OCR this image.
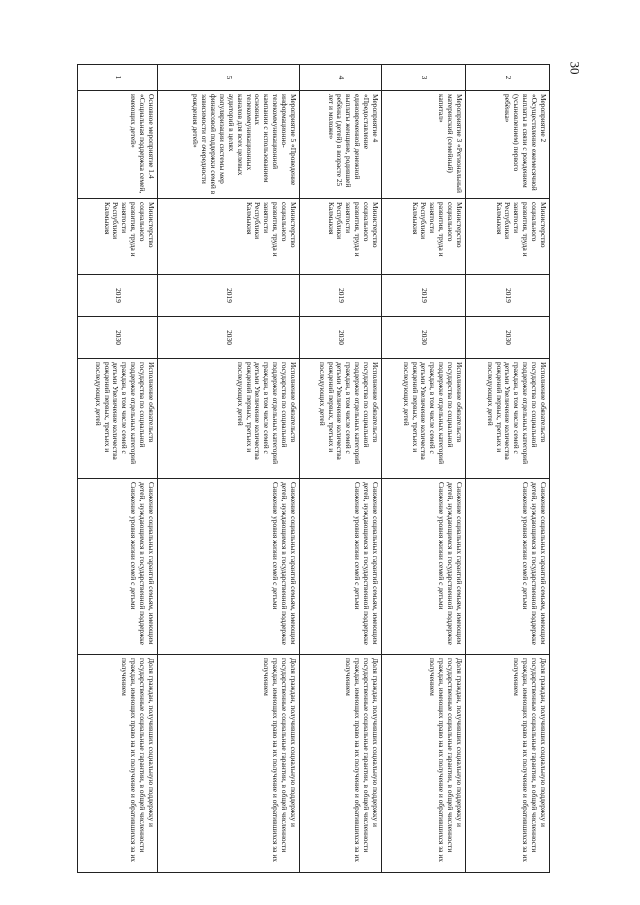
30
2	Мероприятие 2 «Осуществление ежемесячной выплаты в связи с рождением (усыновлением) первого ребёнка»	Министерство социального развития, труда и занятости Республики Калмыкия	2019	2030	Исполнение обязательств государства по социальной поддержке отдельных категорий граждан, в том числе семей с детьми Увеличение количества рождений первых, третьих и последующих детей	Снижение социальных гарантий семьям, имеющим детей, нуждающимся в государственной поддержке Снижение уровня жизни семей с детьми	Доля граждан, получивших социальную поддержку и государственные социальные гарантии, в общей численности граждан, имеющих право на их получение и обратившихся за их получением
3	Мероприятие 3 «Региональный материнский (семейный) капитал»	Министерство социального развития, труда и занятости Республики Калмыкия	2019	2030	Исполнение обязательств государства по социальной поддержке отдельных категорий граждан, в том числе семей с детьми Увеличение количества рождений первых, третьих и последующих детей	Снижение социальных гарантий семьям, имеющим детей, нуждающимся в государственной поддержке Снижение уровня жизни семей с детьми	Доля граждан, получивших социальную поддержку и государственные социальные гарантии, в общей численности граждан, имеющих право на их получение и обратившихся за их получением
4	Мероприятие 4 «Предоставление единовременной денежной выплаты женщине, родившей ребёнка (детей) в возрасте 25 лет и моложе»	Министерство социального развития, труда и занятости Республики Калмыкия	2019	2030	Исполнение обязательств государства по социальной поддержке отдельных категорий граждан, в том числе семей с детьми Увеличение количества рождений первых, третьих и последующих детей	Снижение социальных гарантий семьям, имеющим детей, нуждающимся в государственной поддержке Снижение уровня жизни семей с детьми	Доля граждан, получивших социальную поддержку и государственные социальные гарантии, в общей численности граждан, имеющих право на их получение и обратившихся за их получением
5	Мероприятие 5 «Проведение информационно-телекоммуникационной кампании с использованием основных телекоммуникационных каналов для всех целевых аудиторий в целях популяризации системы мер финансовой поддержки семей в зависимости от очередности рождения детей»	Министерство социального развития, труда и занятости Республики Калмыкия	2019	2030	Исполнение обязательств государства по социальной поддержке отдельных категорий граждан, в том числе семей с детьми Увеличение количества рождений первых, третьих и последующих детей	Снижение социальных гарантий семьям, имеющим детей, нуждающимся в государственной поддержке Снижение уровня жизни семей с детьми	Доля граждан, получивших социальную поддержку и государственные социальные гарантии, в общей численности граждан, имеющих право на их получение и обратившихся за их получением
1	Основное мероприятие 1.4 «Социальная поддержка семей, имеющих детей»	Министерство социального развития, труда и занятости Республики Калмыкия	2019	2030	Исполнение обязательств государства по социальной поддержке отдельных категорий граждан, в том числе семей с детьми Увеличение количества рождений первых, третьих и последующих детей	Снижение социальных гарантий семьям, имеющим детей, нуждающимся в государственной поддержке Снижение уровня жизни семей с детьми	Доля граждан, получивших социальную поддержку и государственные социальные гарантии, в общей численности граждан, имеющих право на их получение и обратившихся за их получением
